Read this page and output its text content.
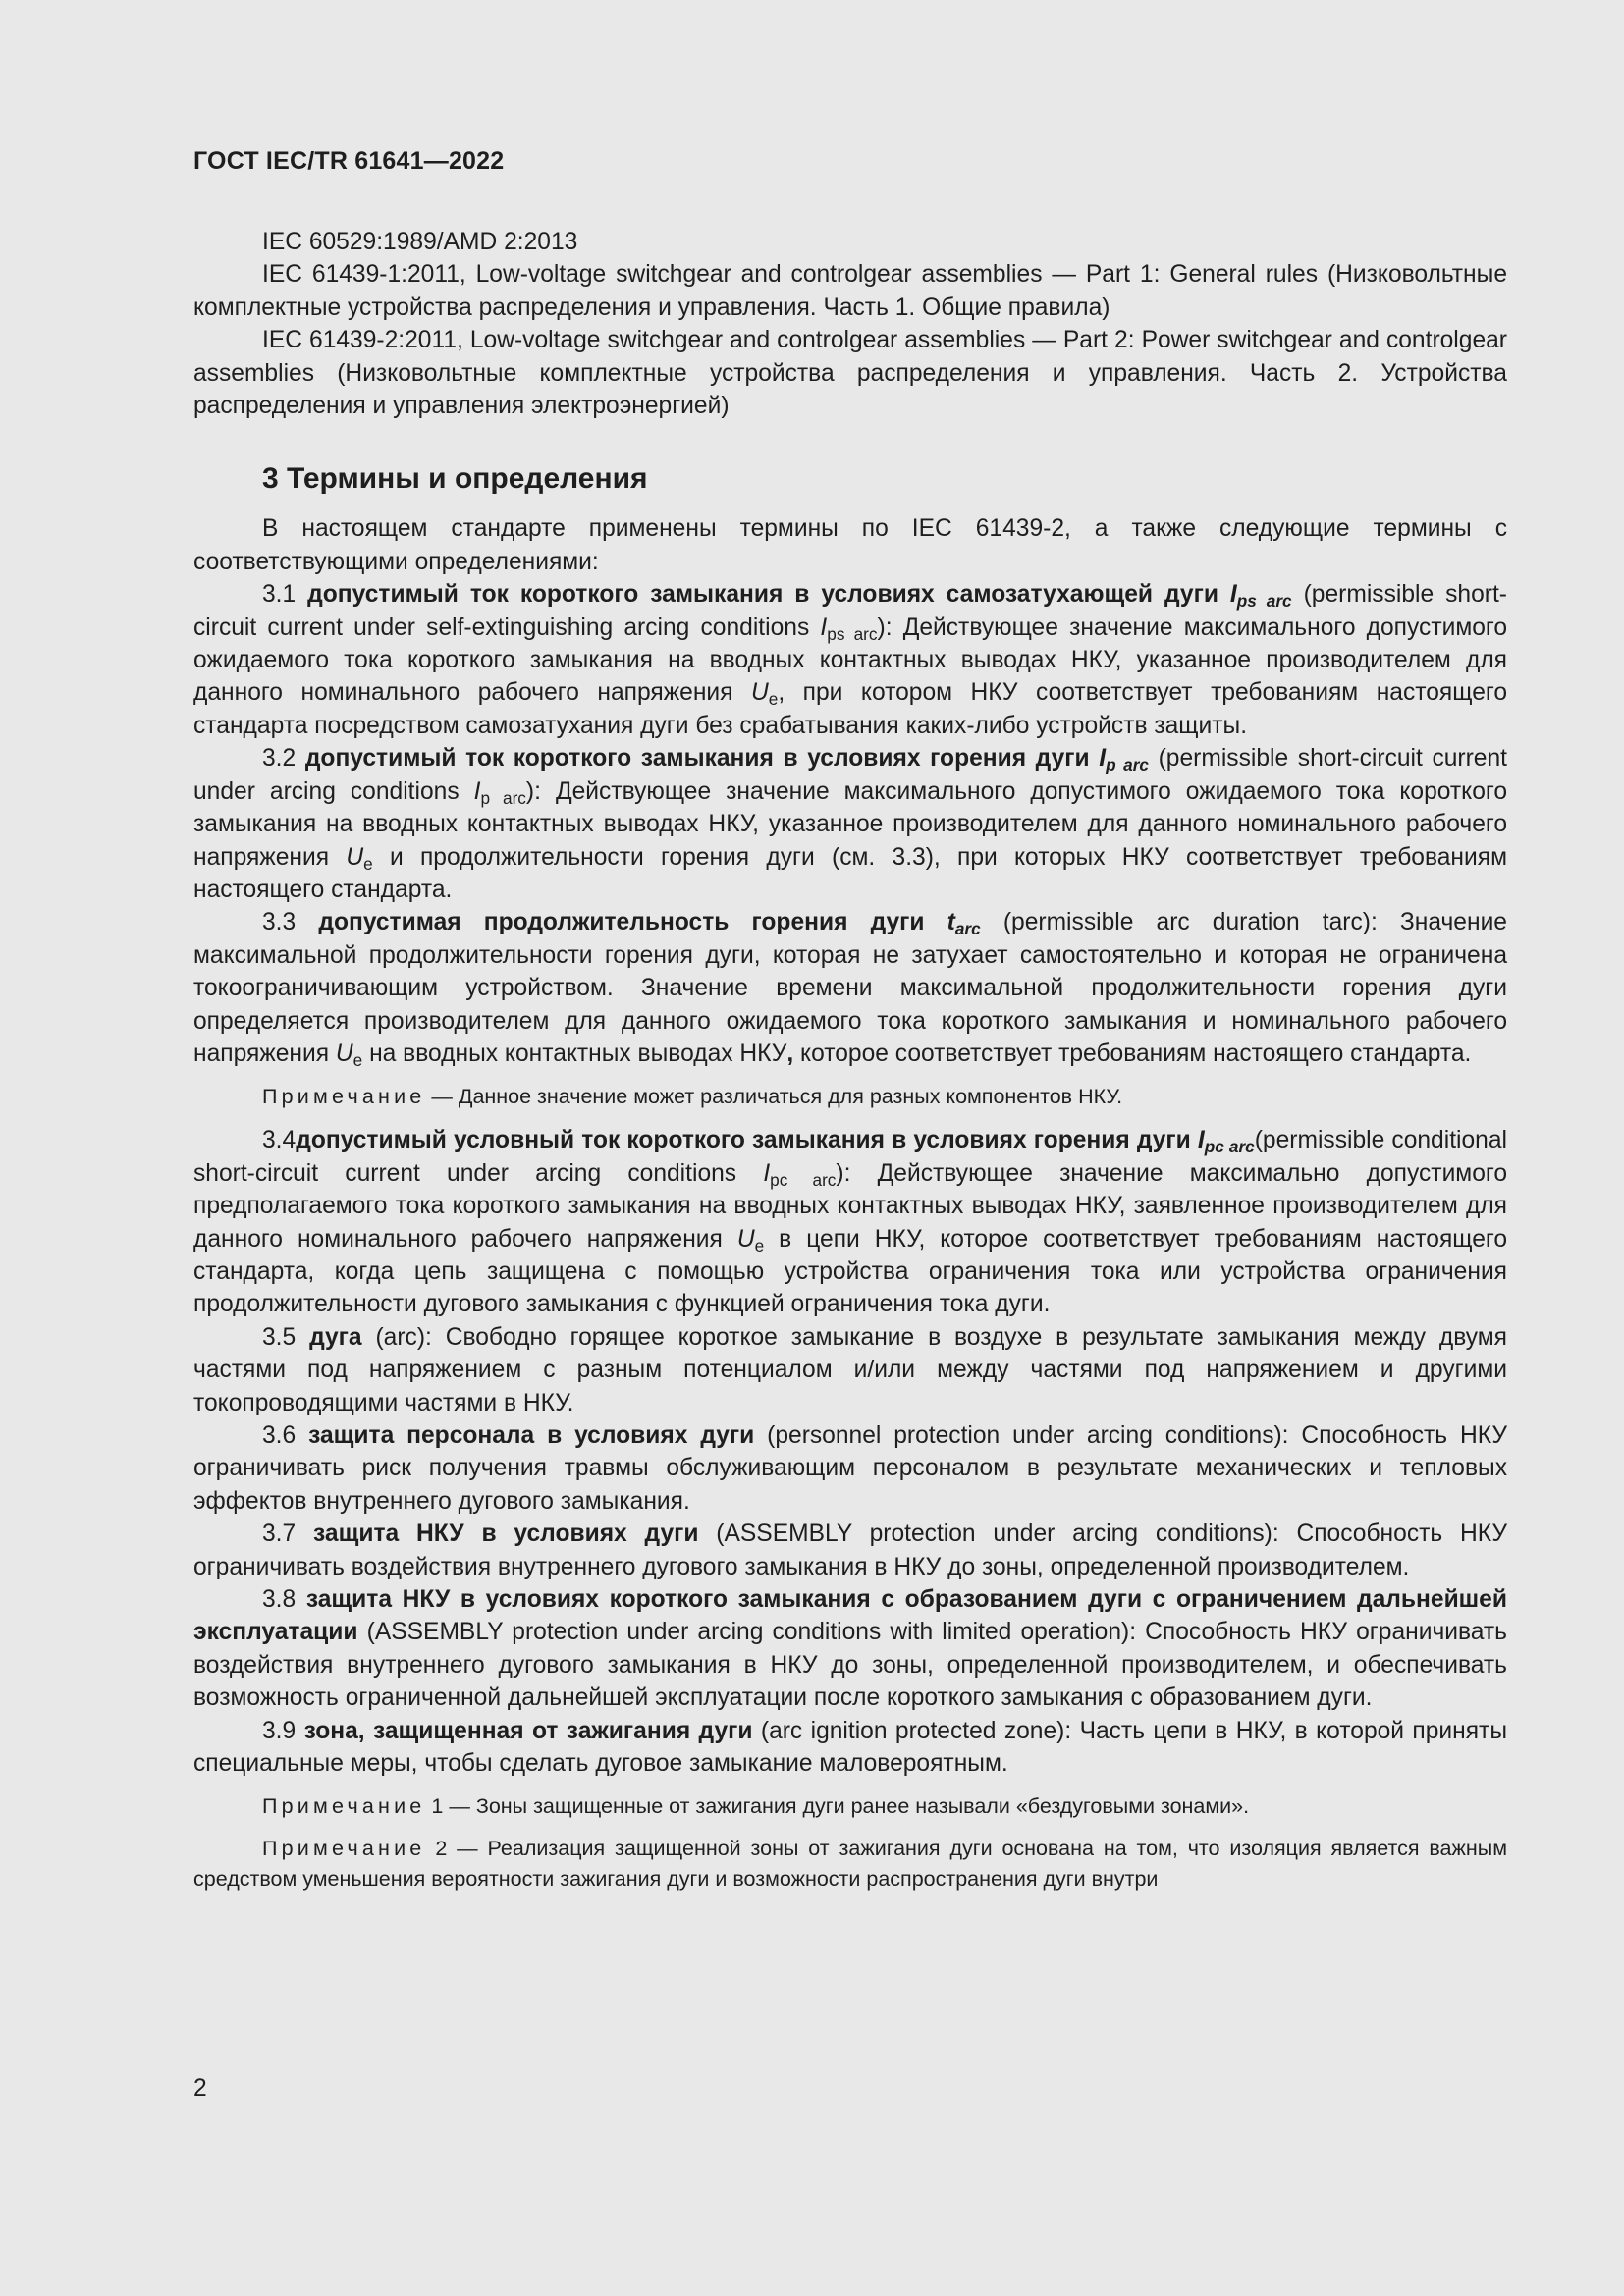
ГОСТ IEC/TR 61641—2022

IEC 60529:1989/AMD 2:2013

IEC 61439-1:2011, Low-voltage switchgear and controlgear assemblies — Part 1: General rules (Низковольтные комплектные устройства распределения и управления. Часть 1. Общие правила)

IEC 61439-2:2011, Low-voltage switchgear and controlgear assemblies — Part 2: Power switchgear and controlgear assemblies (Низковольтные комплектные устройства распределения и управления. Часть 2. Устройства распределения и управления электроэнергией)

3 Термины и определения

В настоящем стандарте применены термины по IEC 61439-2, а также следующие термины с соответствующими определениями:

3.1 допустимый ток короткого замыкания в условиях самозатухающей дуги $I_{ps arc}$ (permissible short-circuit current under self-extinguishing arcing conditions $I_{ps arc}$): Действующее значение максимального допустимого ожидаемого тока короткого замыкания на вводных контактных выводах НКУ, указанное производителем для данного номинального рабочего напряжения $U_e$, при котором НКУ соответствует требованиям настоящего стандарта посредством самозатухания дуги без срабатывания каких-либо устройств защиты.

3.2 допустимый ток короткого замыкания в условиях горения дуги $I_{p arc}$ (permissible short-circuit current under arcing conditions $I_{p arc}$): Действующее значение максимального допустимого ожидаемого тока короткого замыкания на вводных контактных выводах НКУ, указанное производителем для данного номинального рабочего напряжения $U_e$ и продолжительности горения дуги (см. 3.3), при которых НКУ соответствует требованиям настоящего стандарта.

3.3 допустимая продолжительность горения дуги $t_{arc}$ (permissible arc duration tarc): Значение максимальной продолжительности горения дуги, которая не затухает самостоятельно и которая не ограничена токоограничивающим устройством. Значение времени максимальной продолжительности горения дуги определяется производителем для данного ожидаемого тока короткого замыкания и номинального рабочего напряжения $U_e$ на вводных контактных выводах НКУ, которое соответствует требованиям настоящего стандарта.

Примечание — Данное значение может различаться для разных компонентов НКУ.

3.4допустимый условный ток короткого замыкания в условиях горения дуги $I_{pc arc}(permissible$ conditional short-circuit current under arcing conditions $I_{pc arc}$): Действующее значение максимально допустимого предполагаемого тока короткого замыкания на вводных контактных выводах НКУ, заявленное производителем для данного номинального рабочего напряжения $U_e$ в цепи НКУ, которое соответствует требованиям настоящего стандарта, когда цепь защищена с помощью устройства ограничения тока или устройства ограничения продолжительности дугового замыкания с функцией ограничения тока дуги.

3.5 дуга (arc): Свободно горящее короткое замыкание в воздухе в результате замыкания между двумя частями под напряжением с разным потенциалом и/или между частями под напряжением и другими токопроводящими частями в НКУ.

3.6 защита персонала в условиях дуги (personnel protection under arcing conditions): Способность НКУ ограничивать риск получения травмы обслуживающим персоналом в результате механических и тепловых эффектов внутреннего дугового замыкания.

3.7 защита НКУ в условиях дуги (ASSEMBLY protection under arcing conditions): Способность НКУ ограничивать воздействия внутреннего дугового замыкания в НКУ до зоны, определенной производителем.

3.8 защита НКУ в условиях короткого замыкания с образованием дуги с ограничением дальнейшей эксплуатации (ASSEMBLY protection under arcing conditions with limited operation): Способность НКУ ограничивать воздействия внутреннего дугового замыкания в НКУ до зоны, определенной производителем, и обеспечивать возможность ограниченной дальнейшей эксплуатации после короткого замыкания с образованием дуги.

3.9 зона, защищенная от зажигания дуги (arc ignition protected zone): Часть цепи в НКУ, в которой приняты специальные меры, чтобы сделать дуговое замыкание маловероятным.

Примечание 1 — Зоны защищенные от зажигания дуги ранее называли «бездуговыми зонами».

Примечание 2 — Реализация защищенной зоны от зажигания дуги основана на том, что изоляция является важным средством уменьшения вероятности зажигания дуги и возможности распространения дуги внутри

2
